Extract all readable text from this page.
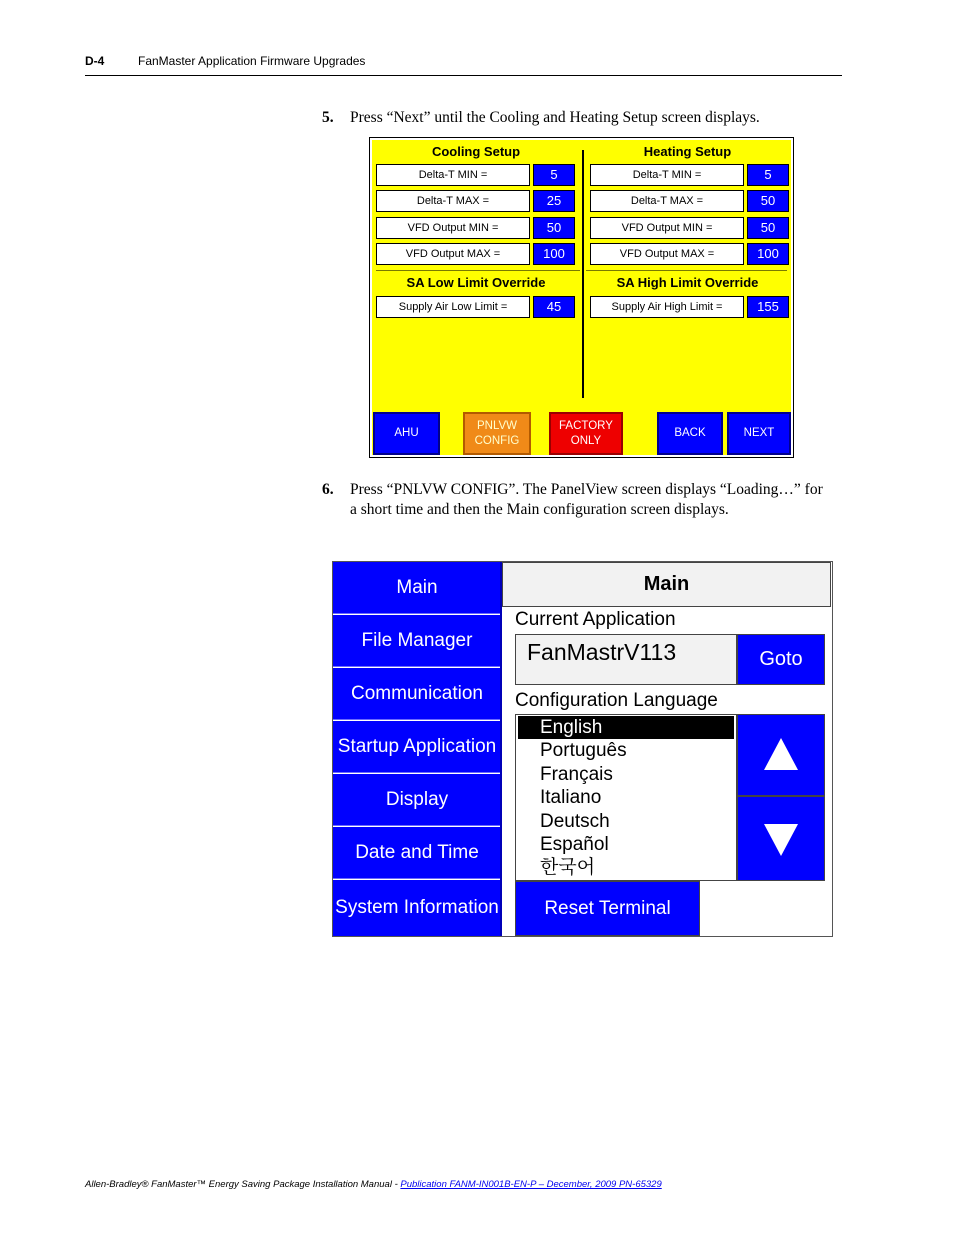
D-4	FanMaster Application Firmware Upgrades
5. Press “Next” until the Cooling and Heating Setup screen displays.
Cooling Setup	Heating Setup
Delta-T MIN =	5
Delta-T MAX =	25
VFD Output MIN =	50
VFD Output MAX =	100
Delta-T MIN =	5
Delta-T MAX =	50
VFD Output MIN =	50
VFD Output MAX =	100
SA Low Limit Override	SA High Limit Override
Supply Air Low Limit =	45	Supply Air High Limit =	155
AHU
PNLVW
CONFIG
FACTORY
ONLY
BACK	NEXT
6. Press “PNLVW CONFIG”. The PanelView screen displays “Loading…” for a short time and then the Main configuration screen displays.
Main
File Manager
Communication
Startup Application
Display
Date and Time
System Information
Main
Current Application
FanMastrV113	Goto
Configuration Language
English
Português
Français
Italiano
Deutsch
Español
한국어
Reset Terminal
Allen-Bradley® FanMaster™ Energy Saving Package Installation Manual - Publication FANM-IN001B-EN-P – December, 2009 PN-65329
